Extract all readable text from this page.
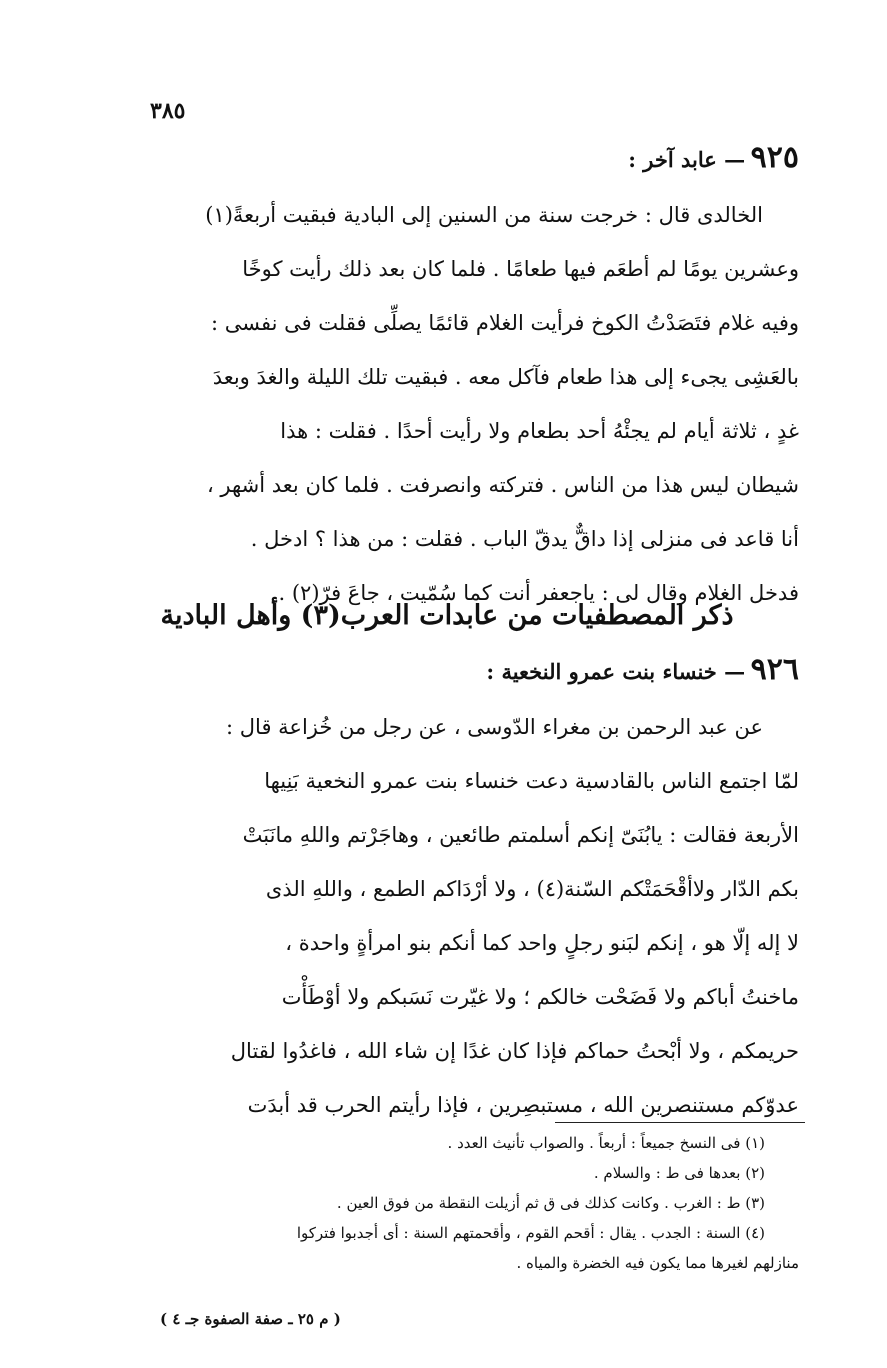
٣٨٥
٩٢٥ — عابد آخر :
الخالدى قال : خرجت سنة من السنين إلى البادية فبقيت أربعةً(١)
وعشرين يومًا لم أطعَم فيها طعامًا . فلما كان بعد ذلك رأيت كوخًا
وفيه غلام فتَصَدْتُ الكوخ فرأيت الغلام قائمًا يصلِّى فقلت فى نفسى :
بالعَشِى يجىء إلى هذا طعام فآكل معه . فبقيت تلك الليلة والغدَ وبعدَ
غدٍ ، ثلاثة أيام لم يجئْهُ أحد بطعام ولا رأيت أحدًا . فقلت : هذا
شيطان ليس هذا من الناس . فتركته وانصرفت . فلما كان بعد أشهر ،
أنا قاعد فى منزلى إذا داقٌّ يدقّ الباب . فقلت : من هذا ؟ ادخل .
فدخل الغلام وقال لى : ياجعفر أنت كما سُمّيت ، جاعَ فرّ(٢) .
ذكر المصطفيات من عابدات العرب(٣) وأهل البادية
٩٢٦ — خنساء بنت عمرو النخعية :
عن عبد الرحمن بن مغراء الدّوسى ، عن رجل من خُزاعة قال :
لمّا اجتمع الناس بالقادسية دعت خنساء بنت عمرو النخعية بَنِيها
الأربعة فقالت : يابُنَىّ إنكم أسلمتم طائعين ، وهاجَرْتم واللهِ مانَبَتْ
بكم الدّار ولاأقْحَمَتْكم السّنة(٤) ، ولا أرْدَاكم الطمع ، واللهِ الذى
لا إله إلّا هو ، إنكم لبَنو رجلٍ واحد كما أنكم بنو امرأةٍ واحدة ،
ماخنتُ أباكم ولا فَضَحْت خالكم ؛ ولا غيّرت نَسَبكم ولا أوْطَأْت
حريمكم ، ولا أبْحتُ حماكم فإذا كان غدًا إن شاء الله ، فاغدُوا لقتال
عدوّكم مستنصرين الله ، مستبصِرين ، فإذا رأيتم الحرب قد أبدَت
(١) فى النسخ جميعاً : أربعاً . والصواب تأنيث العدد .
(٢) بعدها فى ط : والسلام .
(٣) ط : الغرب . وكانت كذلك فى ق ثم أزيلت النقطة من فوق العين .
(٤) السنة : الجدب . يقال : أقحم القوم ، وأقحمتهم السنة : أى أجدبوا فتركوا
منازلهم لغيرها مما يكون فيه الخضرة والمياه .
( م ٢٥ ـ صفة الصفوة جـ ٤ )
